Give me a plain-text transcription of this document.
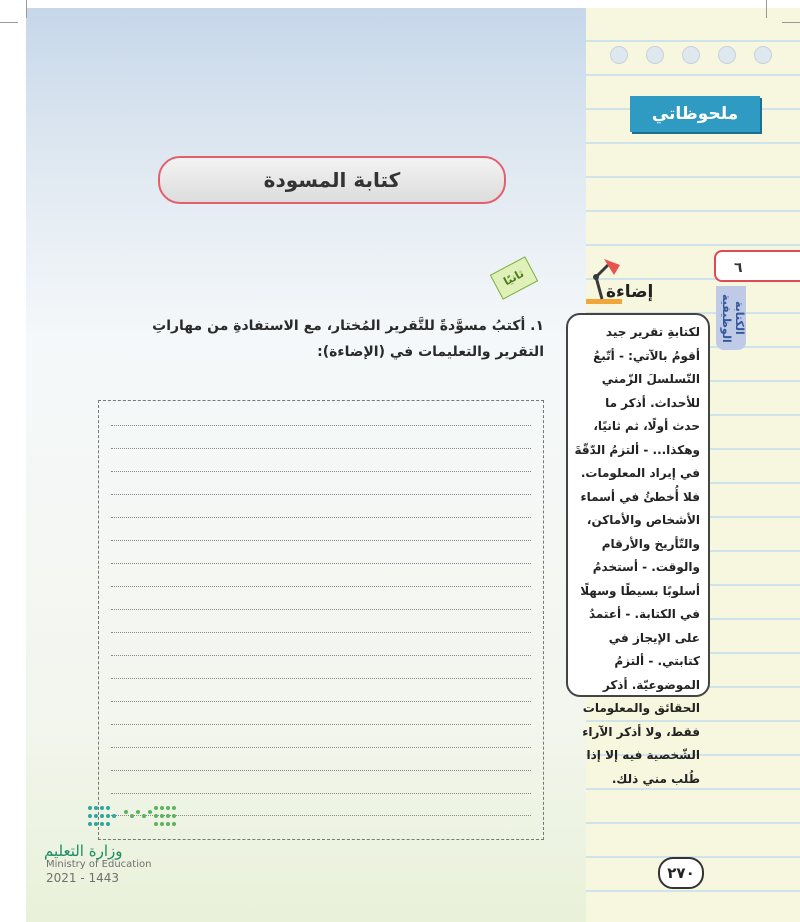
ملحوظاتي
٦
الكتابة الوظيفية
كتابة المسودة
ثانيًا
١. أكتبُ مسوَّدةً للتَّقرير المُختار، مع الاستفادةِ من مهاراتِ التقرير والتعليمات في (الإضاءة):
إضاءة
لكتابةِ تقرير جيد أقومُ بالآتي: - أتّبعُ التّسلسلَ الزّمني للأحداث. أذكر ما حدث أولًا، ثم ثانيًا، وهكذا... - ألتزمُ الدّقّةَ في إيراد المعلومات. فلا أُخطئُ في أسماء الأشخاص والأماكن، والتّأريخ والأرقام والوقت. - أستخدمُ أسلوبًا بسيطًا وسهلًا في الكتابة. - أعتمدُ على الإيجاز في كتابتي. - ألتزمُ الموضوعيّة. أذكر الحقائق والمعلومات فقط، ولا أذكر الآراء الشّخصية فيه إلا إذا طُلب مني ذلك.
وزارة التعليم
Ministry of Education
2021 - 1443	٢٧٠
